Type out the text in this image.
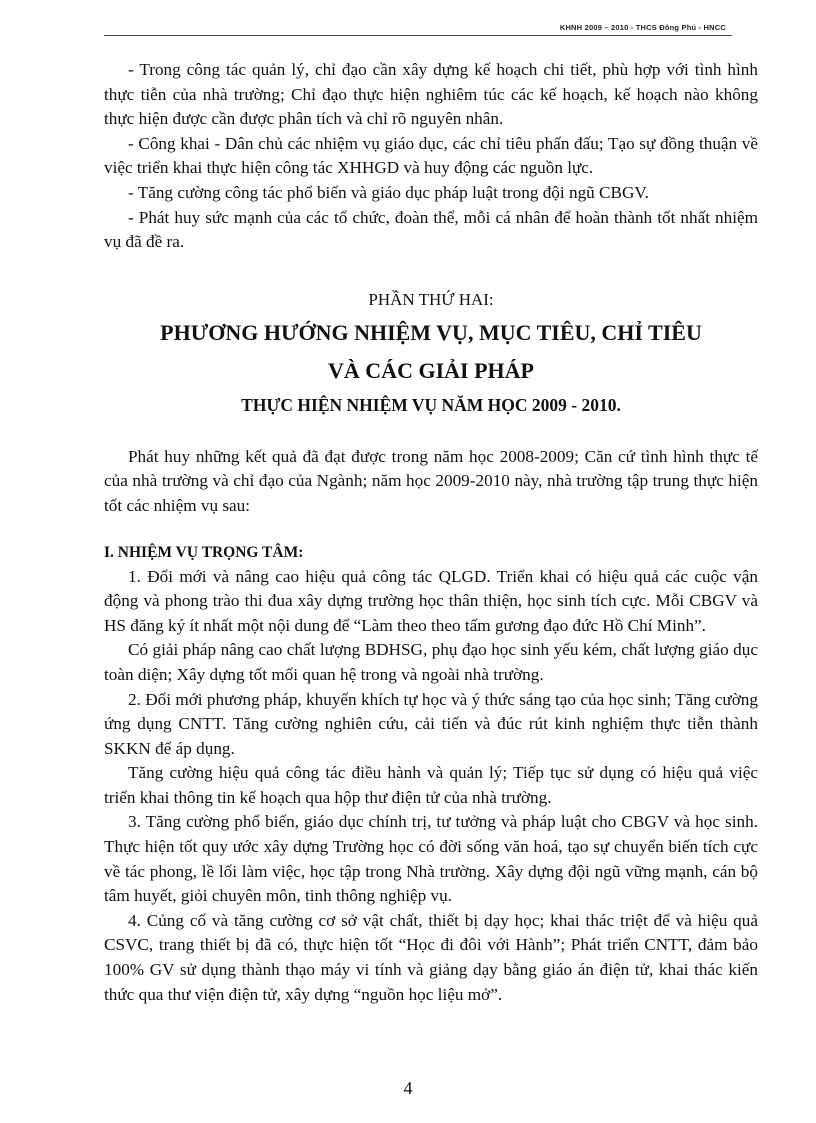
KHNH 2009 – 2010 - THCS Đông Phú - HNCC

- Trong công tác quản lý, chỉ đạo cần xây dựng kế hoạch chi tiết, phù hợp với tình hình thực tiễn của nhà trường; Chỉ đạo thực hiện nghiêm túc các kế hoạch, kế hoạch nào không thực hiện được cần được phân tích và chỉ rõ nguyên nhân.

- Công khai - Dân chủ các nhiệm vụ giáo dục, các chỉ tiêu phấn đấu; Tạo sự đồng thuận về việc triển khai thực hiện công tác XHHGD và huy động các nguồn lực.

- Tăng cường công tác phổ biến và giáo dục pháp luật trong đội ngũ CBGV.

- Phát huy sức mạnh của các tổ chức, đoàn thể, mỗi cá nhân để hoàn thành tốt nhất nhiệm vụ đã đề ra.

PHẦN THỨ HAI:
PHƯƠNG HƯỚNG NHIỆM VỤ, MỤC TIÊU, CHỈ TIÊU
VÀ CÁC GIẢI PHÁP
THỰC HIỆN NHIỆM VỤ NĂM HỌC 2009 - 2010.

Phát huy những kết quả đã đạt được trong năm học 2008-2009; Căn cứ tình hình thực tế của nhà trường và chỉ đạo của Ngành; năm học 2009-2010 này, nhà trường tập trung thực hiện tốt các nhiệm vụ sau:

I. NHIỆM VỤ TRỌNG TÂM:

1. Đổi mới và nâng cao hiệu quả công tác QLGD. Triển khai có hiệu quả các cuộc vận động và phong trào thi đua xây dựng trường học thân thiện, học sinh tích cực. Mỗi CBGV và HS đăng ký ít nhất một nội dung để “Làm theo theo tấm gương đạo đức Hồ Chí Minh”.

Có giải pháp nâng cao chất lượng BDHSG, phụ đạo học sinh yếu kém, chất lượng giáo dục toàn diện; Xây dựng tốt mối quan hệ trong và ngoài nhà trường.

2. Đổi mới phương pháp, khuyến khích tự học và ý thức sáng tạo của học sinh; Tăng cường ứng dụng CNTT. Tăng cường nghiên cứu, cải tiến và đúc rút kinh nghiệm thực tiễn thành SKKN để áp dụng.

Tăng cường hiệu quả công tác điều hành và quản lý; Tiếp tục sử dụng có hiệu quả việc triển khai thông tin kế hoạch qua hộp thư điện tử của nhà trường.

3. Tăng cường phổ biến, giáo dục chính trị, tư tưởng và pháp luật cho CBGV và học sinh. Thực hiện tốt quy ước xây dựng Trường học có đời sống văn hoá, tạo sự chuyển biến tích cực về tác phong, lề lối làm việc, học tập trong Nhà trường. Xây dựng đội ngũ vững mạnh, cán bộ tâm huyết, giỏi chuyên môn, tinh thông nghiệp vụ.

4. Củng cố và tăng cường cơ sở vật chất, thiết bị dạy học; khai thác triệt để và hiệu quả CSVC, trang thiết bị đã có, thực hiện tốt “Học đi đôi với Hành”; Phát triển CNTT, đảm bảo 100% GV sử dụng thành thạo máy vi tính và giảng dạy bằng giáo án điện tử, khai thác kiến thức qua thư viện điện tử, xây dựng “nguồn học liệu mở”.

4
